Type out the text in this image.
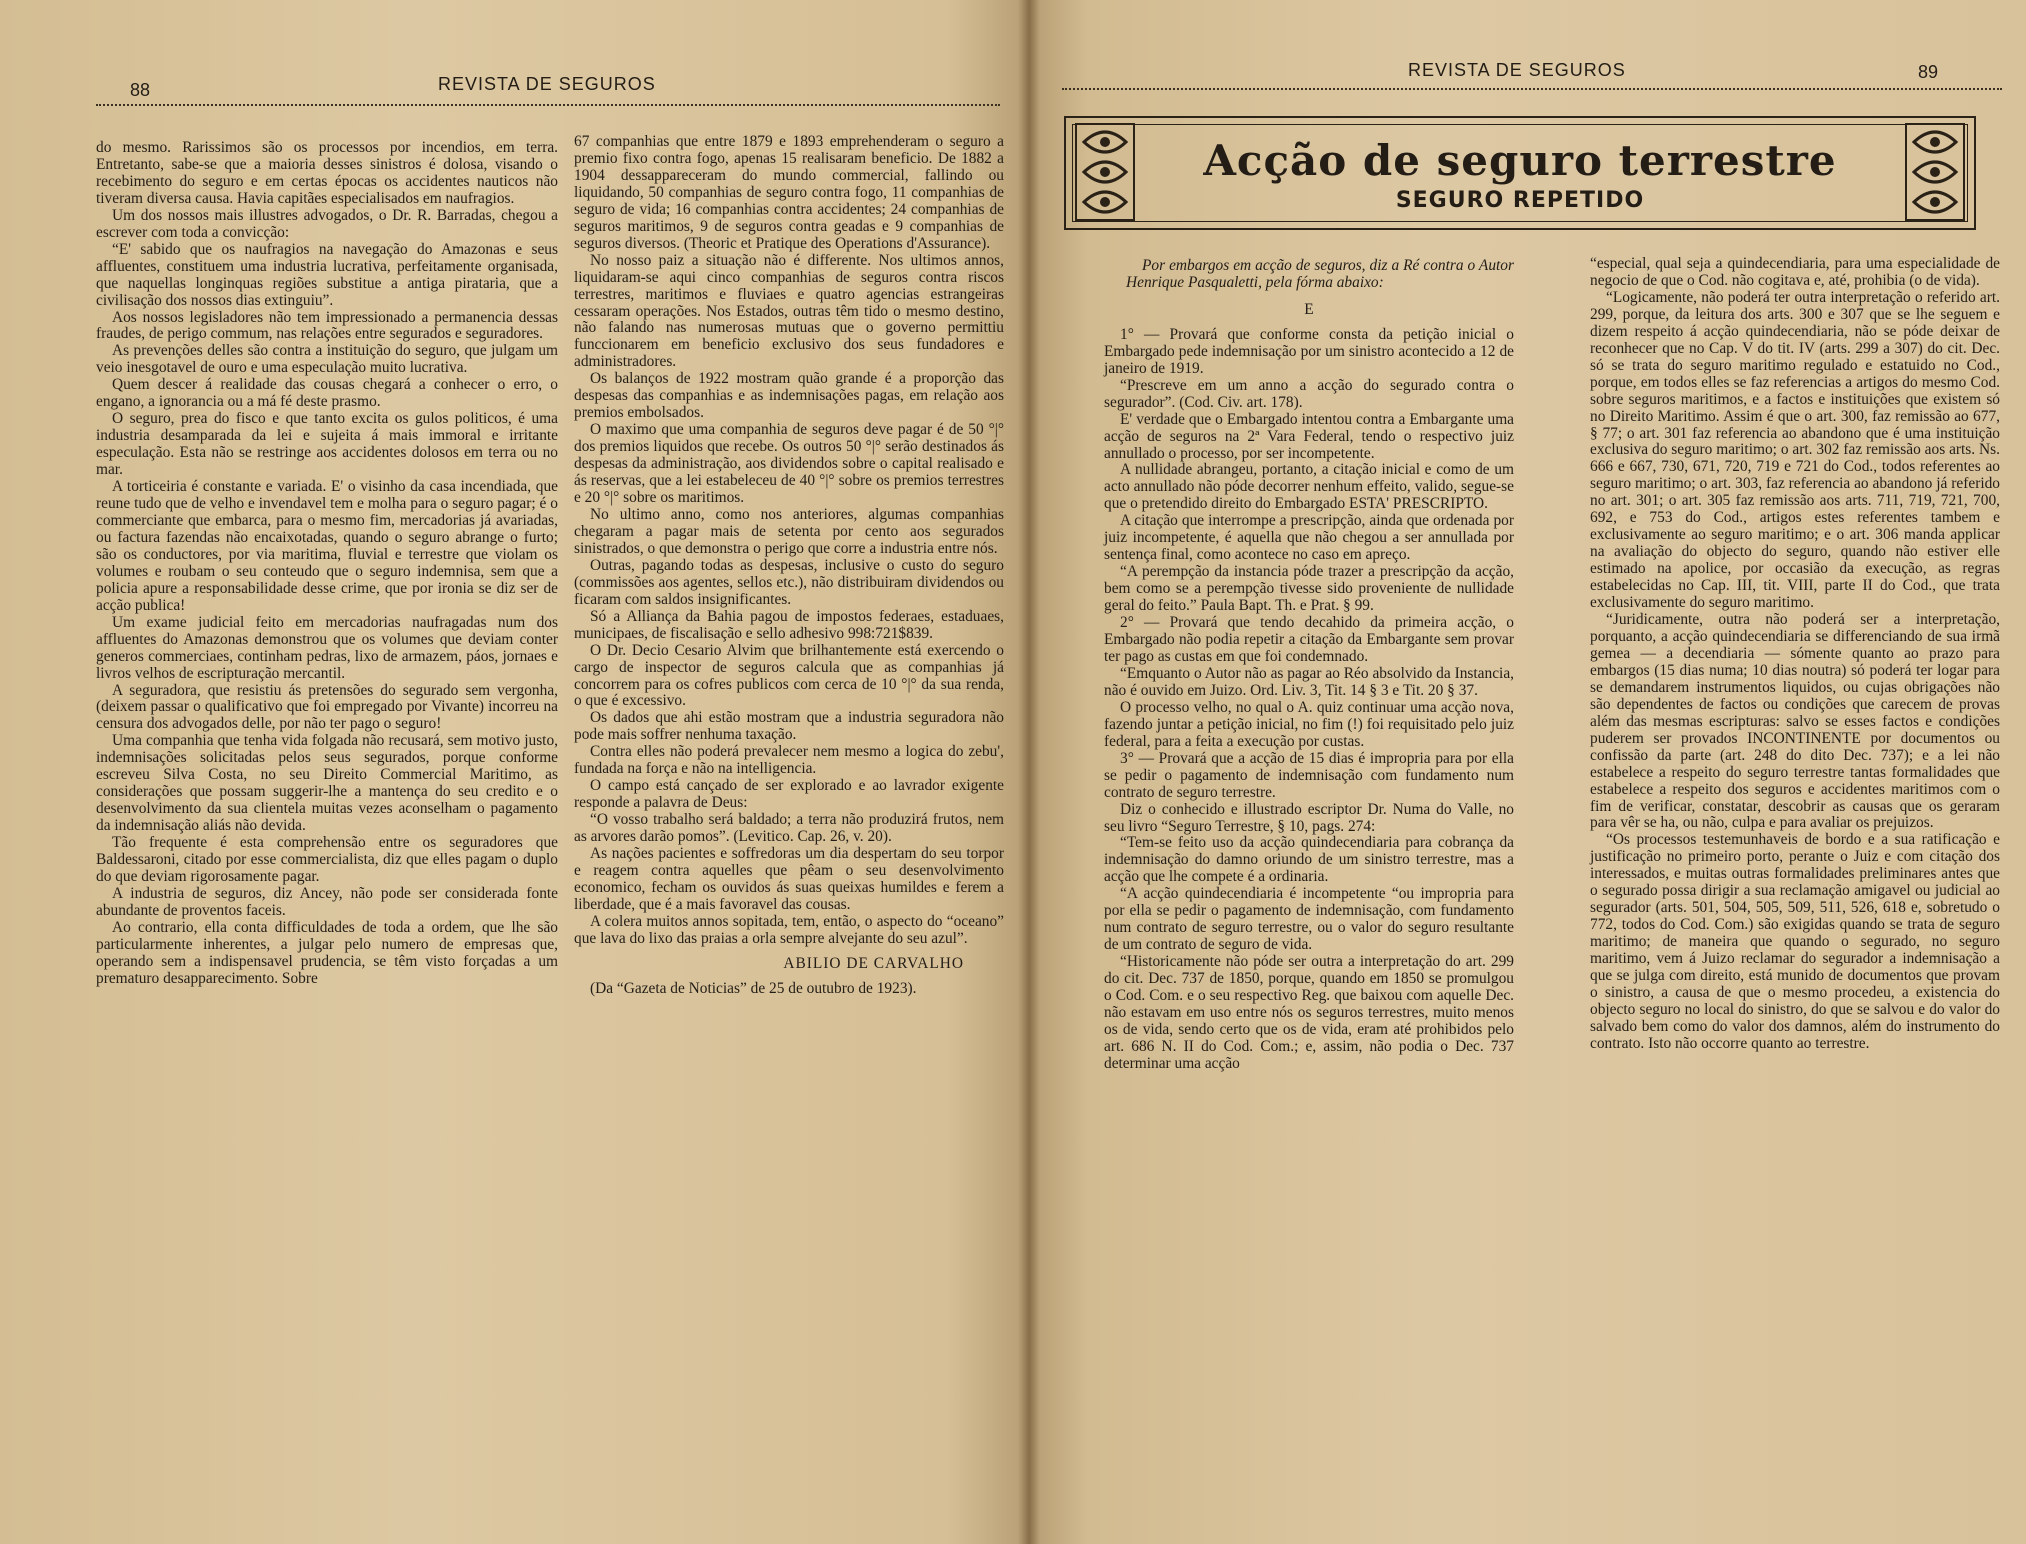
88	REVISTA DE SEGUROS

do mesmo. Rarissimos são os processos por incendios, em terra. Entretanto, sabe-se que a maioria desses sinistros é dolosa, visando o recebimento do seguro e em certas épocas os accidentes nauticos não tiveram diversa causa. Havia capitães especialisados em naufragios.

Um dos nossos mais illustres advogados, o Dr. R. Barradas, chegou a escrever com toda a convicção:

“E' sabido que os naufragios na navegação do Amazonas e seus affluentes, constituem uma industria lucrativa, perfeitamente organisada, que naquellas longinquas regiões substitue a antiga pirataria, que a civilisação dos nossos dias extinguiu”.

Aos nossos legisladores não tem impressionado a permanencia dessas fraudes, de perigo commum, nas relações entre segurados e seguradores.

As prevenções delles são contra a instituição do seguro, que julgam um veio inesgotavel de ouro e uma especulação muito lucrativa.

Quem descer á realidade das cousas chegará a conhecer o erro, o engano, a ignorancia ou a má fé deste prasmo.

O seguro, prea do fisco e que tanto excita os gulos politicos, é uma industria desamparada da lei e sujeita á mais immoral e irritante especulação. Esta não se restringe aos accidentes dolosos em terra ou no mar.

A torticeiria é constante e variada. E' o visinho da casa incendiada, que reune tudo que de velho e invendavel tem e molha para o seguro pagar; é o commerciante que embarca, para o mesmo fim, mercadorias já avariadas, ou factura fazendas não encaixotadas, quando o seguro abrange o furto; são os conductores, por via maritima, fluvial e terrestre que violam os volumes e roubam o seu conteudo que o seguro indemnisa, sem que a policia apure a responsabilidade desse crime, que por ironia se diz ser de acção publica!

Um exame judicial feito em mercadorias naufragadas num dos affluentes do Amazonas demonstrou que os volumes que deviam conter generos commerciaes, continham pedras, lixo de armazem, páos, jornaes e livros velhos de escripturação mercantil.

A seguradora, que resistiu ás pretensões do segurado sem vergonha, (deixem passar o qualificativo que foi empregado por Vivante) incorreu na censura dos advogados delle, por não ter pago o seguro!

Uma companhia que tenha vida folgada não recusará, sem motivo justo, indemnisações solicitadas pelos seus segurados, porque conforme escreveu Silva Costa, no seu Direito Commercial Maritimo, as considerações que possam suggerir-lhe a mantença do seu credito e o desenvolvimento da sua clientela muitas vezes aconselham o pagamento da indemnisação aliás não devida.

Tão frequente é esta comprehensão entre os seguradores que Baldessaroni, citado por esse commercialista, diz que elles pagam o duplo do que deviam rigorosamente pagar.

A industria de seguros, diz Ancey, não pode ser considerada fonte abundante de proventos faceis.

Ao contrario, ella conta difficuldades de toda a ordem, que lhe são particularmente inherentes, a julgar pelo numero de empresas que, operando sem a indispensavel prudencia, se têm visto forçadas a um prematuro desapparecimento. Sobre

67 companhias que entre 1879 e 1893 emprehenderam o seguro a premio fixo contra fogo, apenas 15 realisaram beneficio. De 1882 a 1904 dessappareceram do mundo commercial, fallindo ou liquidando, 50 companhias de seguro contra fogo, 11 companhias de seguro de vida; 16 companhias contra accidentes; 24 companhias de seguros maritimos, 9 de seguros contra geadas e 9 companhias de seguros diversos. (Theoric et Pratique des Operations d'Assurance).

No nosso paiz a situação não é differente. Nos ultimos annos, liquidaram-se aqui cinco companhias de seguros contra riscos terrestres, maritimos e fluviaes e quatro agencias estrangeiras cessaram operações. Nos Estados, outras têm tido o mesmo destino, não falando nas numerosas mutuas que o governo permittiu funccionarem em beneficio exclusivo dos seus fundadores e administradores.

Os balanços de 1922 mostram quão grande é a proporção das despesas das companhias e as indemnisações pagas, em relação aos premios embolsados.

O maximo que uma companhia de seguros deve pagar é de 50 °|° dos premios liquidos que recebe. Os outros 50 °|° serão destinados ás despesas da administração, aos dividendos sobre o capital realisado e ás reservas, que a lei estabeleceu de 40 °|° sobre os premios terrestres e 20 °|° sobre os maritimos.

No ultimo anno, como nos anteriores, algumas companhias chegaram a pagar mais de setenta por cento aos segurados sinistrados, o que demonstra o perigo que corre a industria entre nós.

Outras, pagando todas as despesas, inclusive o custo do seguro (commissões aos agentes, sellos etc.), não distribuiram dividendos ou ficaram com saldos insignificantes.

Só a Alliança da Bahia pagou de impostos federaes, estaduaes, municipaes, de fiscalisação e sello adhesivo 998:721$839.

O Dr. Decio Cesario Alvim que brilhantemente está exercendo o cargo de inspector de seguros calcula que as companhias já concorrem para os cofres publicos com cerca de 10 °|° da sua renda, o que é excessivo.

Os dados que ahi estão mostram que a industria seguradora não pode mais soffrer nenhuma taxação.

Contra elles não poderá prevalecer nem mesmo a logica do zebu', fundada na força e não na intelligencia.

O campo está cançado de ser explorado e ao lavrador exigente responde a palavra de Deus:

“O vosso trabalho será baldado; a terra não produzirá frutos, nem as arvores darão pomos”. (Levitico. Cap. 26, v. 20).

As nações pacientes e soffredoras um dia despertam do seu torpor e reagem contra aquelles que pêam o seu desenvolvimento economico, fecham os ouvidos ás suas queixas humildes e ferem a liberdade, que é a mais favoravel das cousas.

A colera muitos annos sopitada, tem, então, o aspecto do “oceano” que lava do lixo das praias a orla sempre alvejante do seu azul”.

ABILIO DE CARVALHO

(Da “Gazeta de Noticias” de 25 de outubro de 1923).

REVISTA DE SEGUROS	89
Acção de seguro terrestre
SEGURO REPETIDO

Por embargos em acção de seguros, diz a Ré contra o Autor Henrique Pasqualetti, pela fórma abaixo:

E

1° — Provará que conforme consta da petição inicial o Embargado pede indemnisação por um sinistro acontecido a 12 de janeiro de 1919.

“Prescreve em um anno a acção do segurado contra o segurador”. (Cod. Civ. art. 178).

E' verdade que o Embargado intentou contra a Embargante uma acção de seguros na 2ª Vara Federal, tendo o respectivo juiz annullado o processo, por ser incompetente.

A nullidade abrangeu, portanto, a citação inicial e como de um acto annullado não póde decorrer nenhum effeito, valido, segue-se que o pretendido direito do Embargado ESTA' PRESCRIPTO.

A citação que interrompe a prescripção, ainda que ordenada por juiz incompetente, é aquella que não chegou a ser annullada por sentença final, como acontece no caso em apreço.

“A perempção da instancia póde trazer a prescripção da acção, bem como se a perempção tivesse sido proveniente de nullidade geral do feito.” Paula Bapt. Th. e Prat. § 99.

2° — Provará que tendo decahido da primeira acção, o Embargado não podia repetir a citação da Embargante sem provar ter pago as custas em que foi condemnado.

“Emquanto o Autor não as pagar ao Réo absolvido da Instancia, não é ouvido em Juizo. Ord. Liv. 3, Tit. 14 § 3 e Tit. 20 § 37.

O processo velho, no qual o A. quiz continuar uma acção nova, fazendo juntar a petição inicial, no fim (!) foi requisitado pelo juiz federal, para a feita a execução por custas.

3° — Provará que a acção de 15 dias é impropria para por ella se pedir o pagamento de indemnisação com fundamento num contrato de seguro terrestre.

Diz o conhecido e illustrado escriptor Dr. Numa do Valle, no seu livro “Seguro Terrestre, § 10, pags. 274:

“Tem-se feito uso da acção quindecendiaria para cobrança da indemnisação do damno oriundo de um sinistro terrestre, mas a acção que lhe compete é a ordinaria.

“A acção quindecendiaria é incompetente “ou impropria para por ella se pedir o pagamento de indemnisação, com fundamento num contrato de seguro terrestre, ou o valor do seguro resultante de um contrato de seguro de vida.

“Historicamente não póde ser outra a interpretação do art. 299 do cit. Dec. 737 de 1850, porque, quando em 1850 se promulgou o Cod. Com. e o seu respectivo Reg. que baixou com aquelle Dec. não estavam em uso entre nós os seguros terrestres, muito menos os de vida, sendo certo que os de vida, eram até prohibidos pelo art. 686 N. II do Cod. Com.; e, assim, não podia o Dec. 737 determinar uma acção

“especial, qual seja a quindecendiaria, para uma especialidade de negocio de que o Cod. não cogitava e, até, prohibia (o de vida).

“Logicamente, não poderá ter outra interpretação o referido art. 299, porque, da leitura dos arts. 300 e 307 que se lhe seguem e dizem respeito á acção quindecendiaria, não se póde deixar de reconhecer que no Cap. V do tit. IV (arts. 299 a 307) do cit. Dec. só se trata do seguro maritimo regulado e estatuido no Cod., porque, em todos elles se faz referencias a artigos do mesmo Cod. sobre seguros maritimos, e a factos e instituições que existem só no Direito Maritimo. Assim é que o art. 300, faz remissão ao 677, § 77; o art. 301 faz referencia ao abandono que é uma instituição exclusiva do seguro maritimo; o art. 302 faz remissão aos arts. Ns. 666 e 667, 730, 671, 720, 719 e 721 do Cod., todos referentes ao seguro maritimo; o art. 303, faz referencia ao abandono já referido no art. 301; o art. 305 faz remissão aos arts. 711, 719, 721, 700, 692, e 753 do Cod., artigos estes referentes tambem e exclusivamente ao seguro maritimo; e o art. 306 manda applicar na avaliação do objecto do seguro, quando não estiver elle estimado na apolice, por occasião da execução, as regras estabelecidas no Cap. III, tit. VIII, parte II do Cod., que trata exclusivamente do seguro maritimo.

“Juridicamente, outra não poderá ser a interpretação, porquanto, a acção quindecendiaria se differenciando de sua irmã gemea — a decendiaria — sómente quanto ao prazo para embargos (15 dias numa; 10 dias noutra) só poderá ter logar para se demandarem instrumentos liquidos, ou cujas obrigações não são dependentes de factos ou condições que carecem de provas além das mesmas escripturas: salvo se esses factos e condições puderem ser provados INCONTINENTE por documentos ou confissão da parte (art. 248 do dito Dec. 737); e a lei não estabelece a respeito do seguro terrestre tantas formalidades que estabelece a respeito dos seguros e accidentes maritimos com o fim de verificar, constatar, descobrir as causas que os geraram para vêr se ha, ou não, culpa e para avaliar os prejuizos.

“Os processos testemunhaveis de bordo e a sua ratificação e justificação no primeiro porto, perante o Juiz e com citação dos interessados, e muitas outras formalidades preliminares antes que o segurado possa dirigir a sua reclamação amigavel ou judicial ao segurador (arts. 501, 504, 505, 509, 511, 526, 618 e, sobretudo o 772, todos do Cod. Com.) são exigidas quando se trata de seguro maritimo; de maneira que quando o segurado, no seguro maritimo, vem á Juizo reclamar do segurador a indemnisação a que se julga com direito, está munido de documentos que provam o sinistro, a causa de que o mesmo procedeu, a existencia do objecto seguro no local do sinistro, do que se salvou e do valor do salvado bem como do valor dos damnos, além do instrumento do contrato. Isto não occorre quanto ao terrestre.
